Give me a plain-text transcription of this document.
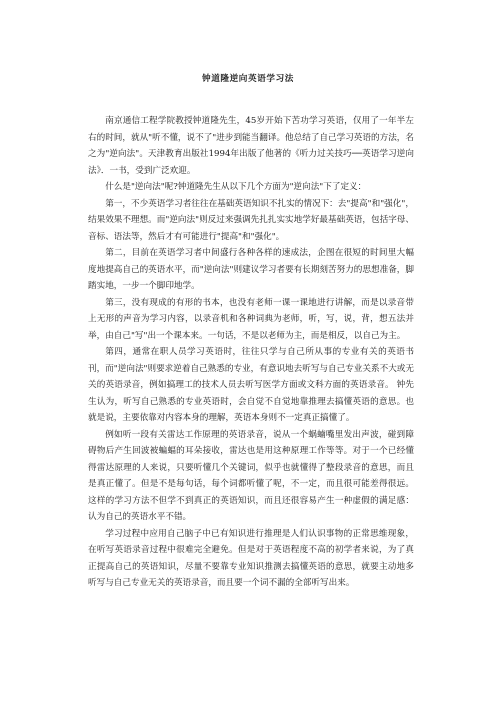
钟道隆逆向英语学习法

南京通信工程学院教授钟道隆先生，45岁开始下苦功学习英语，仅用了一年半左右的时间，就从"听不懂，说不了"进步到能当翻译。他总结了自己学习英语的方法，名之为"逆向法"。天津教育出版社1994年出版了他著的《听力过关技巧──英语学习逆向法》．一书，受到广泛欢迎。

什么是"逆向法"呢?钟道隆先生从以下几个方面为"逆向法"下了定义：

第一，不少英语学习者往往在基础英语知识不扎实的情况下：去"提高"和"强化"，结果效果不理想。而"逆向法"则反过来强调先扎扎实实地学好最基础英语，包括字母、音标、语法等，然后才有可能进行"提高"和"强化"。

第二，目前在英语学习者中间盛行各种各样的速成法，企图在很短的时间里大幅度地提高自己的英语水平，而"逆向法"则建议学习者要有长期刻苦努力的思想准备，脚踏实地，一步一个脚印地学。

第三，没有现成的有形的书本，也没有老师一课一课地进行讲解，而是以录音带上无形的声音为学习内容，以录音机和各种词典为老师，听，写，说，背，想五法并举，由自己"写"出一个课本来。一句话，不是以老师为主，而是相反，以自己为主。

第四，通常在职人员学习英语时，往往只学与自己所从事的专业有关的英语书刊，而"逆向法"则要求逆着自己熟悉的专业，有意识地去听写与自己专业关系不大或无关的英语录音，例如搞理工的技术人员去听写医学方面或文科方面的英语录音。 钟先生认为，听写自己熟悉的专业英语时，会自觉不自觉地靠推理去搞懂英语的意思。也就是说，主要依靠对内容本身的理解，英语本身则不一定真正搞懂了。

例如听一段有关雷达工作原理的英语录音，说从一个蜗蝻嘴里发出声波，碰到障碍物后产生回波被蝙蝠的耳朵接收，雷达也是用这种原理工作等等。对于一个已经懂得雷达原理的人来说，只要听懂几个关键词，似乎也就懂得了整段录音的意思，而且是真正懂了。但是不是每句话，每个词都听懂了呢，不一定，而且很可能差得很远。这样的学习方法不但学不到真正的英语知识，而且还很容易产生一种虚假的满足感：认为自己的英语水平不错。

学习过程中应用自己脑子中已有知识进行推理是人们认识事物的正常思维现象，在听写英语录音过程中很难完全避免。但是对于英语程度不高的初学者来说，为了真正提高自己的英语知识，尽量不要靠专业知识推测去搞懂英语的意思，就要主动地多听写与自己专业无关的英语录音，而且要一个词不漏的全部听写出来。
